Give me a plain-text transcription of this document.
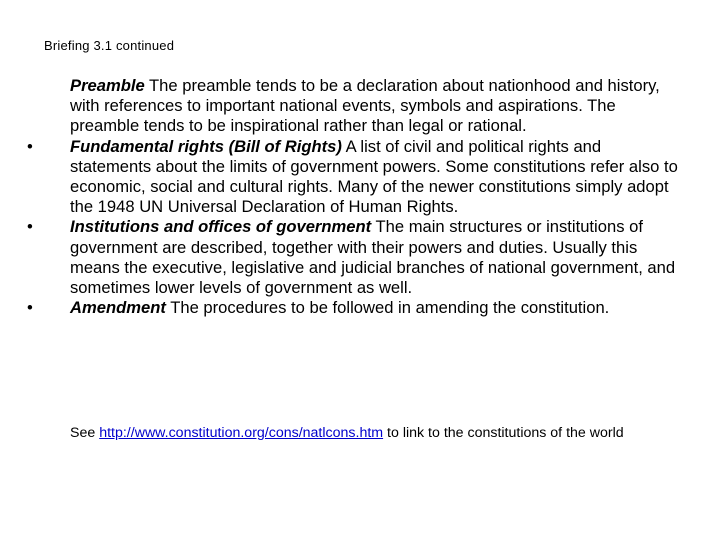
Briefing 3.1 continued
Preamble The preamble tends to be a declaration about nationhood and history, with references to important national events, symbols and aspirations. The preamble tends to be inspirational rather than legal or rational.
• Fundamental rights (Bill of Rights) A list of civil and political rights and statements about the limits of government powers. Some constitutions refer also to economic, social and cultural rights. Many of the newer constitutions simply adopt the 1948 UN Universal Declaration of Human Rights.
• Institutions and offices of government The main structures or institutions of government are described, together with their powers and duties. Usually this means the executive, legislative and judicial branches of national government, and sometimes lower levels of government as well.
• Amendment The procedures to be followed in amending the constitution.
See http://www.constitution.org/cons/natlcons.htm to link to the constitutions of the world
